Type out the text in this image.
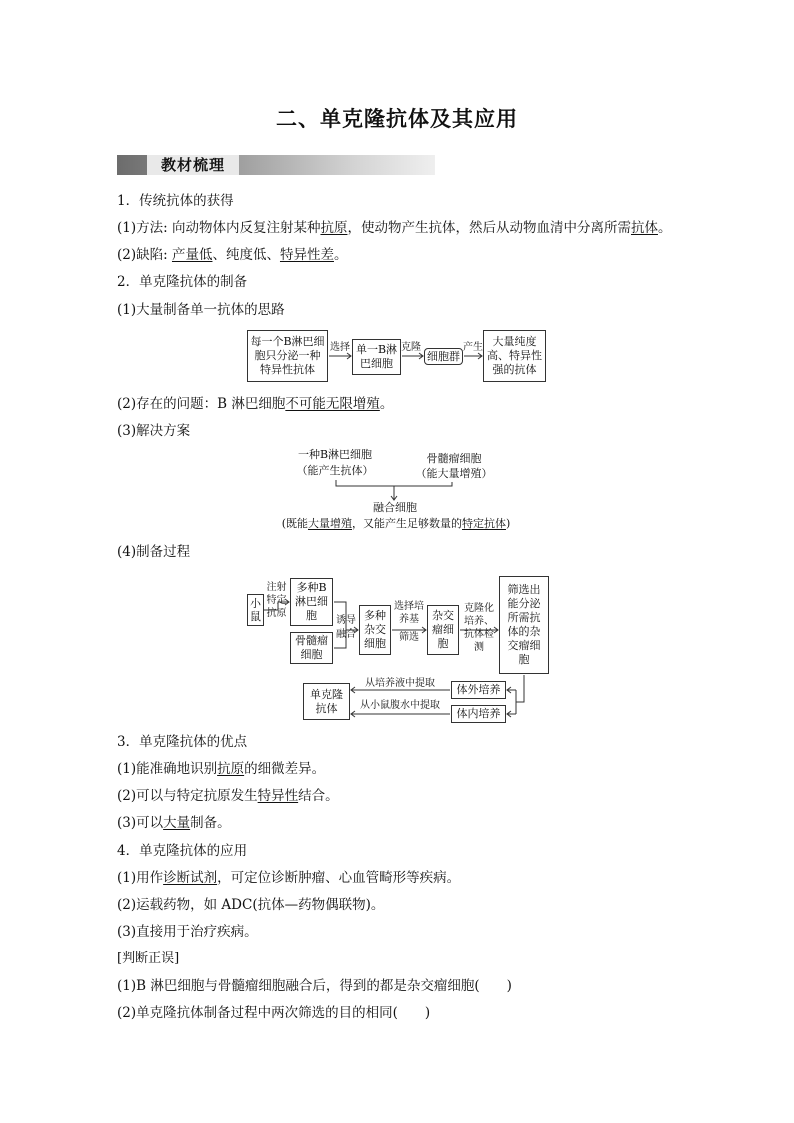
二、单克隆抗体及其应用
教材梳理
1．传统抗体的获得
(1)方法: 向动物体内反复注射某种抗原，使动物产生抗体，然后从动物血清中分离所需抗体。
(2)缺陷: 产量低、纯度低、特异性差。
2．单克隆抗体的制备
(1)大量制备单一抗体的思路
每一个B淋巴细胞只分泌一种特异性抗体
选择 单一B淋巴细胞
克隆
细胞群
产生 大量纯度高、特异性强的抗体
(2)存在的问题：B 淋巴细胞不可能无限增殖。
(3)解决方案
一种B淋巴细胞
（能产生抗体）
骨髓瘤细胞
（能大量增殖）
融合细胞
(既能大量增殖，又能产生足够数量的特定抗体)
(4)制备过程
小鼠
注射特定抗原
多种B淋巴细胞
骨髓瘤细胞
诱导融合
多种杂交细胞
选择培养基
筛选
杂交瘤细胞
克隆化培养、抗体检测
筛选出能分泌所需抗体的杂交瘤细胞
体外培养
体内培养
从培养液中提取
从小鼠腹水中提取
单克隆抗体
3．单克隆抗体的优点
(1)能准确地识别抗原的细微差异。
(2)可以与特定抗原发生特异性结合。
(3)可以大量制备。
4．单克隆抗体的应用
(1)用作诊断试剂，可定位诊断肿瘤、心血管畸形等疾病。
(2)运载药物，如 ADC(抗体—药物偶联物)。
(3)直接用于治疗疾病。
[判断正误]
(1)B 淋巴细胞与骨髓瘤细胞融合后，得到的都是杂交瘤细胞(　　)
(2)单克隆抗体制备过程中两次筛选的目的相同(　　)
